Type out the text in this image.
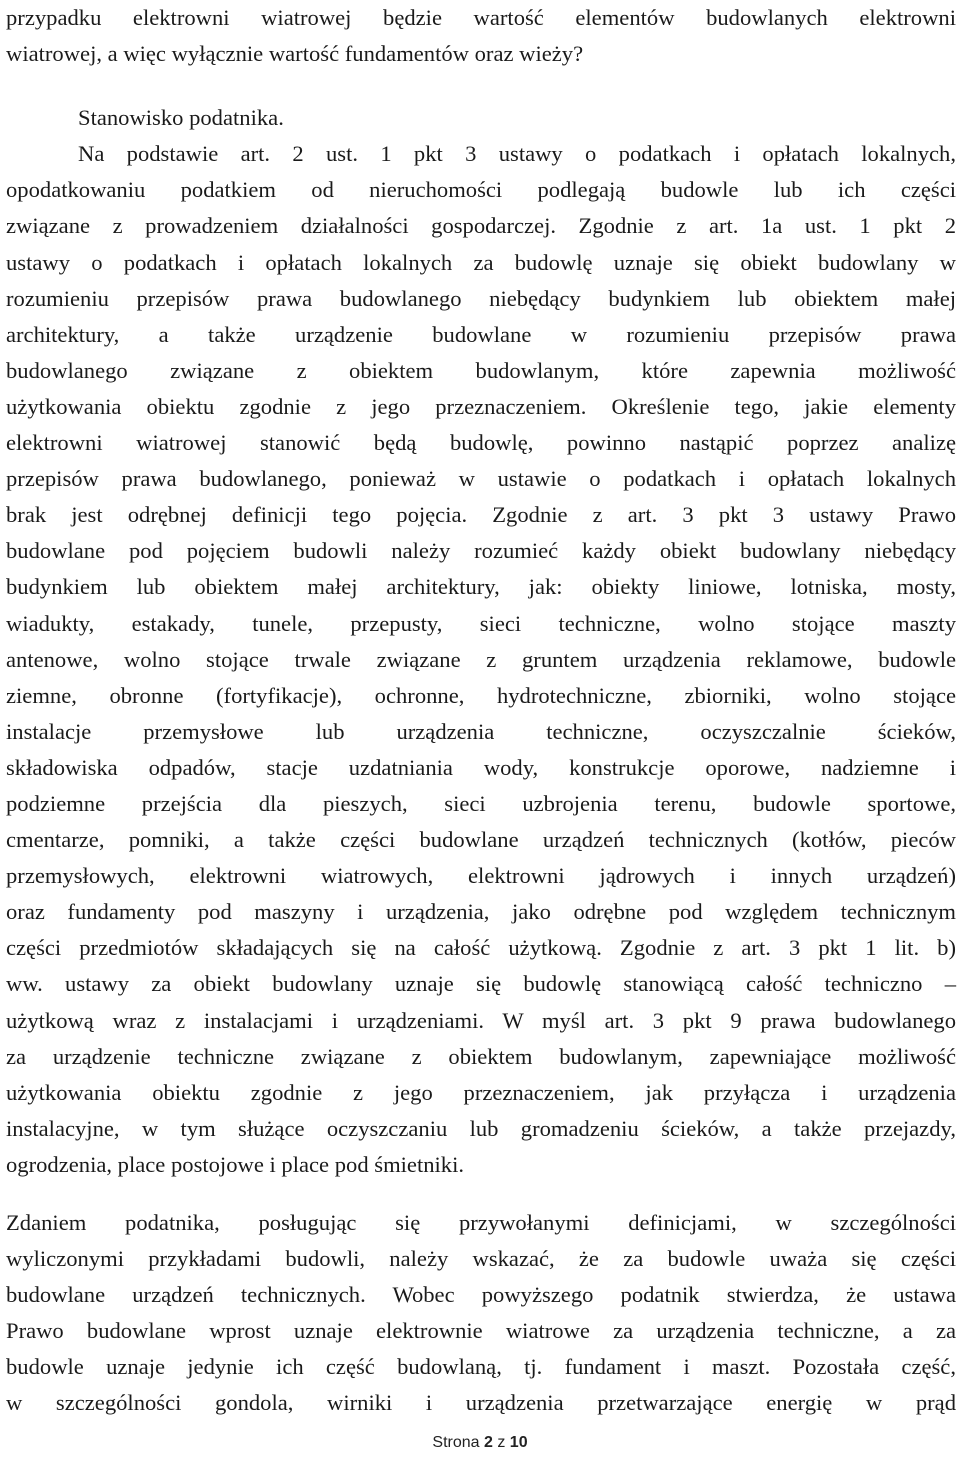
przypadku elektrowni wiatrowej będzie wartość elementów budowlanych elektrowni
wiatrowej, a więc wyłącznie wartość fundamentów oraz wieży?

Stanowisko podatnika.

Na podstawie art. 2 ust. 1 pkt 3 ustawy o podatkach i opłatach lokalnych,
opodatkowaniu podatkiem od nieruchomości podlegają budowle lub ich części
związane z prowadzeniem działalności gospodarczej. Zgodnie z art. 1a ust. 1 pkt 2
ustawy o podatkach i opłatach lokalnych za budowlę uznaje się obiekt budowlany w
rozumieniu przepisów prawa budowlanego niebędący budynkiem lub obiektem małej
architektury, a także urządzenie budowlane w rozumieniu przepisów prawa
budowlanego związane z obiektem budowlanym, które zapewnia możliwość
użytkowania obiektu zgodnie z jego przeznaczeniem. Określenie tego, jakie elementy
elektrowni wiatrowej stanowić będą budowlę, powinno nastąpić poprzez analizę
przepisów prawa budowlanego, ponieważ w ustawie o podatkach i opłatach lokalnych
brak jest odrębnej definicji tego pojęcia. Zgodnie z art. 3 pkt 3 ustawy Prawo
budowlane pod pojęciem budowli należy rozumieć każdy obiekt budowlany niebędący
budynkiem lub obiektem małej architektury, jak: obiekty liniowe, lotniska, mosty,
wiadukty, estakady, tunele, przepusty, sieci techniczne, wolno stojące maszty
antenowe, wolno stojące trwale związane z gruntem urządzenia reklamowe, budowle
ziemne, obronne (fortyfikacje), ochronne, hydrotechniczne, zbiorniki, wolno stojące
instalacje przemysłowe lub urządzenia techniczne, oczyszczalnie ścieków,
składowiska odpadów, stacje uzdatniania wody, konstrukcje oporowe, nadziemne i
podziemne przejścia dla pieszych, sieci uzbrojenia terenu, budowle sportowe,
cmentarze, pomniki, a także części budowlane urządzeń technicznych (kotłów, pieców
przemysłowych, elektrowni wiatrowych, elektrowni jądrowych i innych urządzeń)
oraz fundamenty pod maszyny i urządzenia, jako odrębne pod względem technicznym
części przedmiotów składających się na całość użytkową. Zgodnie z art. 3 pkt 1 lit. b)
ww. ustawy za obiekt budowlany uznaje się budowlę stanowiącą całość techniczno –
użytkową wraz z instalacjami i urządzeniami. W myśl art. 3 pkt 9 prawa budowlanego
za urządzenie techniczne związane z obiektem budowlanym, zapewniające możliwość
użytkowania obiektu zgodnie z jego przeznaczeniem, jak przyłącza i urządzenia
instalacyjne, w tym służące oczyszczaniu lub gromadzeniu ścieków, a także przejazdy,
ogrodzenia, place postojowe i place pod śmietniki.

Zdaniem podatnika, posługując się przywołanymi definicjami, w szczególności
wyliczonymi przykładami budowli, należy wskazać, że za budowle uważa się części
budowlane urządzeń technicznych. Wobec powyższego podatnik stwierdza, że ustawa
Prawo budowlane wprost uznaje elektrownie wiatrowe za urządzenia techniczne, a za
budowle uznaje jedynie ich część budowlaną, tj. fundament i maszt. Pozostała część,
w szczególności gondola, wirniki i urządzenia przetwarzające energię w prąd

Strona 2 z 10
